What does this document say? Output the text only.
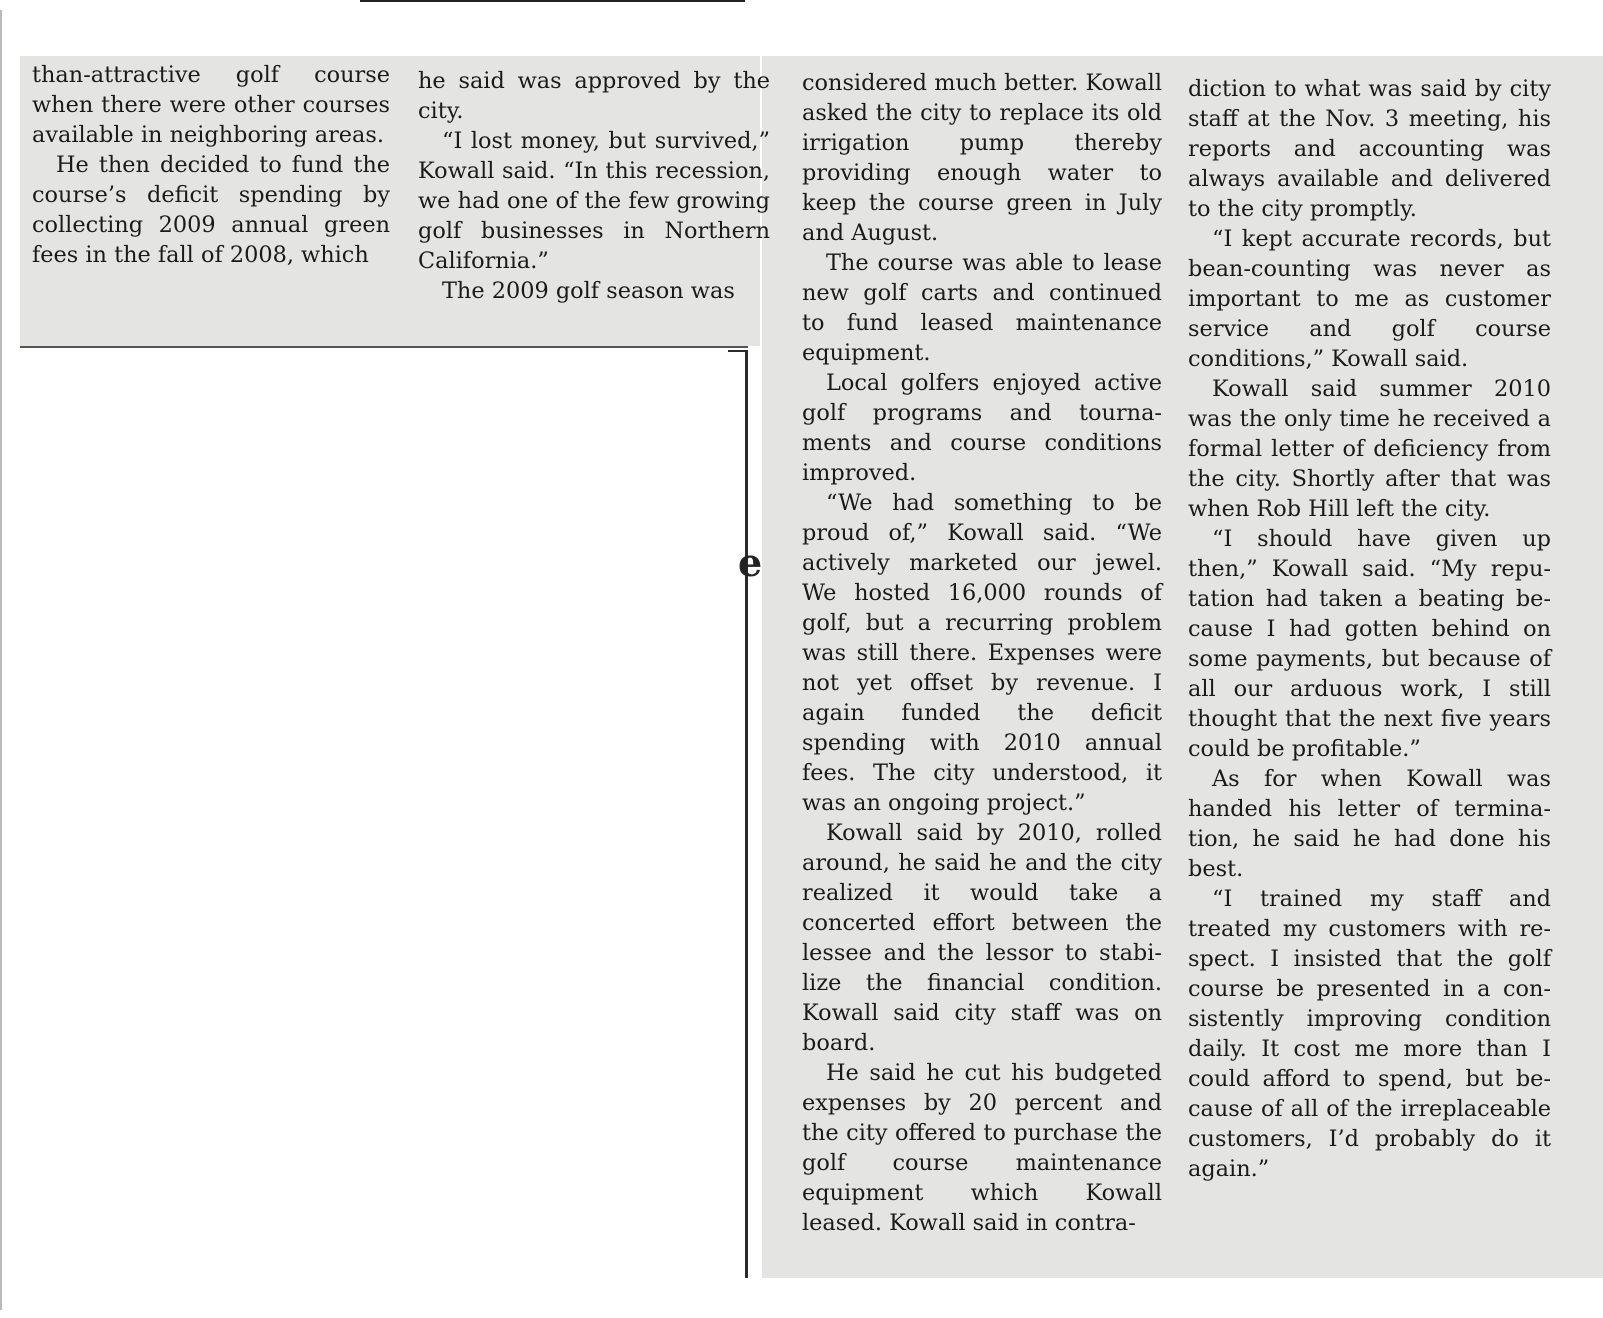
e

than-attractive golf course when there were other courses available in neighboring areas.

He then decided to fund the course’s deficit spending by collecting 2009 annual green fees in the fall of 2008, which

he said was approved by the city.

“I lost money, but survived,” Kowall said. “In this recession, we had one of the few growing golf businesses in Northern California.”

The 2009 golf season was

considered much better. Kowall asked the city to replace its old irrigation pump thereby providing enough water to keep the course green in July and August.

The course was able to lease new golf carts and continued to fund leased maintenance equipment.

Local golfers enjoyed active golf programs and tournaments and course conditions improved.

“We had something to be proud of,” Kowall said. “We actively marketed our jewel. We hosted 16,000 rounds of golf, but a recurring problem was still there. Expenses were not yet offset by revenue. I again funded the deficit spending with 2010 annual fees. The city understood, it was an ongoing project.”

Kowall said by 2010, rolled around, he said he and the city realized it would take a concerted effort between the lessee and the lessor to stabilize the financial condition. Kowall said city staff was on board.

He said he cut his budgeted expenses by 20 percent and the city offered to purchase the golf course maintenance equipment which Kowall leased. Kowall said in contra-

diction to what was said by city staff at the Nov. 3 meeting, his reports and accounting was always available and delivered to the city promptly.

“I kept accurate records, but bean-counting was never as important to me as customer service and golf course conditions,” Kowall said.

Kowall said summer 2010 was the only time he received a formal letter of deficiency from the city. Shortly after that was when Rob Hill left the city.

“I should have given up then,” Kowall said. “My reputation had taken a beating because I had gotten behind on some payments, but because of all our arduous work, I still thought that the next five years could be profitable.”

As for when Kowall was handed his letter of termination, he said he had done his best.

“I trained my staff and treated my customers with respect. I insisted that the golf course be presented in a consistently improving condition daily. It cost me more than I could afford to spend, but because of all of the irreplaceable customers, I’d probably do it again.”
